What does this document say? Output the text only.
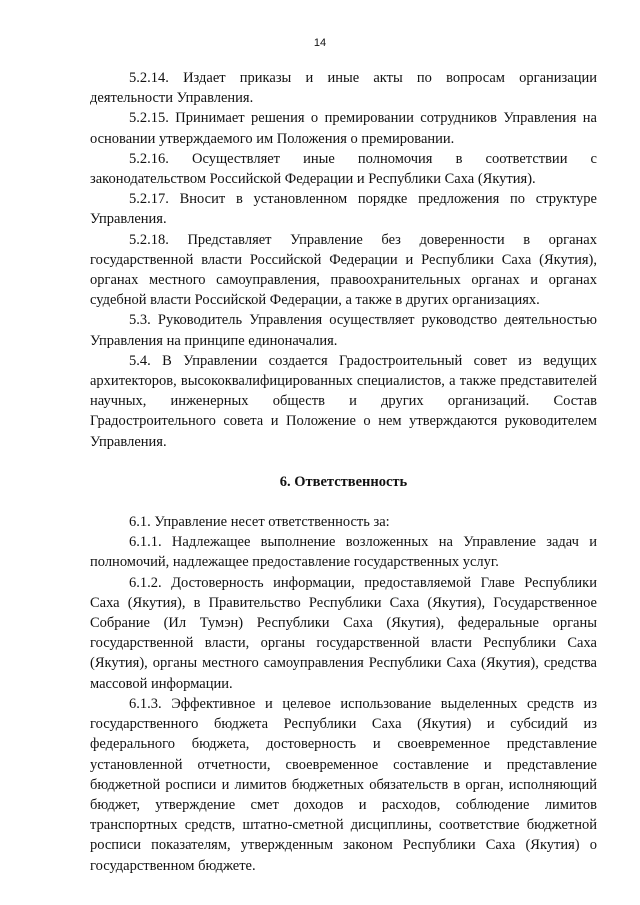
14

5.2.14. Издает приказы и иные акты по вопросам организации деятельности Управления.

5.2.15. Принимает решения о премировании сотрудников Управления на основании утверждаемого им Положения о премировании.

5.2.16. Осуществляет иные полномочия в соответствии с законодательством Российской Федерации и Республики Саха (Якутия).

5.2.17. Вносит в установленном порядке предложения по структуре Управления.

5.2.18. Представляет Управление без доверенности в органах государственной власти Российской Федерации и Республики Саха (Якутия), органах местного самоуправления, правоохранительных органах и органах судебной власти Российской Федерации, а также в других организациях.

5.3. Руководитель Управления осуществляет руководство деятельностью Управления на принципе единоначалия.

5.4. В Управлении создается Градостроительный совет из ведущих архитекторов, высококвалифицированных специалистов, а также представителей научных, инженерных обществ и других организаций. Состав Градостроительного совета и Положение о нем утверждаются руководителем Управления.

6. Ответственность

6.1. Управление несет ответственность за:

6.1.1. Надлежащее выполнение возложенных на Управление задач и полномочий, надлежащее предоставление государственных услуг.

6.1.2. Достоверность информации, предоставляемой Главе Республики Саха (Якутия), в Правительство Республики Саха (Якутия), Государственное Собрание (Ил Тумэн) Республики Саха (Якутия), федеральные органы государственной власти, органы государственной власти Республики Саха (Якутия), органы местного самоуправления Республики Саха (Якутия), средства массовой информации.

6.1.3. Эффективное и целевое использование выделенных средств из государственного бюджета Республики Саха (Якутия) и субсидий из федерального бюджета, достоверность и своевременное представление установленной отчетности, своевременное составление и представление бюджетной росписи и лимитов бюджетных обязательств в орган, исполняющий бюджет, утверждение смет доходов и расходов, соблюдение лимитов транспортных средств, штатно-сметной дисциплины, соответствие бюджетной росписи показателям, утвержденным законом Республики Саха (Якутия) о государственном бюджете.
